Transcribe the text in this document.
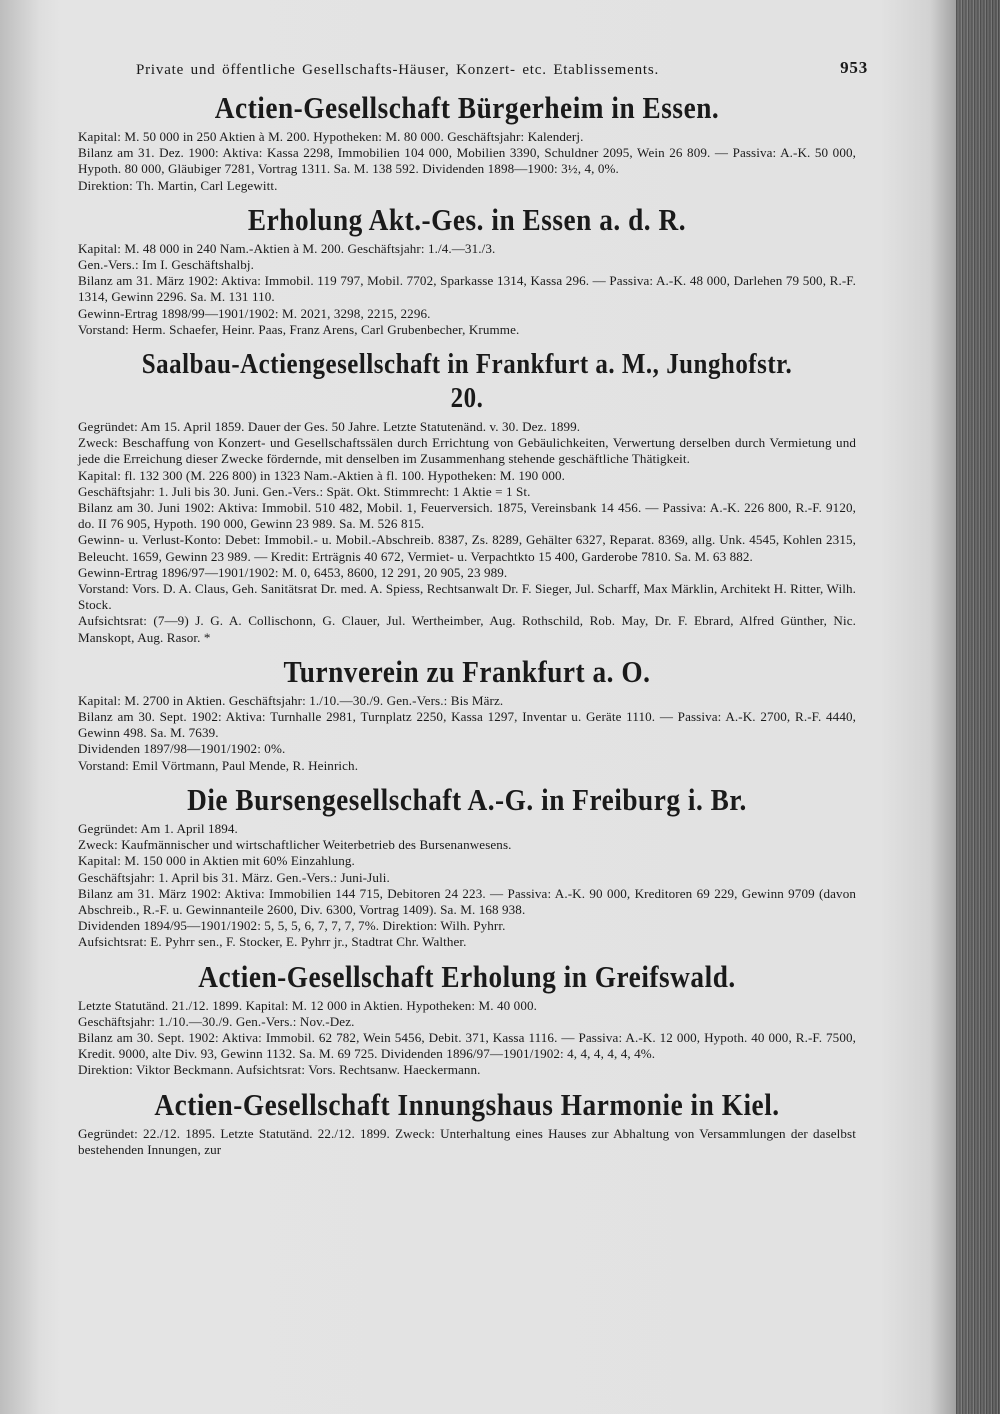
Private und öffentliche Gesellschafts-Häuser, Konzert- etc. Etablissements.	953
Actien-Gesellschaft Bürgerheim in Essen.

Kapital: M. 50 000 in 250 Aktien à M. 200. Hypotheken: M. 80 000. Geschäftsjahr: Kalenderj.

Bilanz am 31. Dez. 1900: Aktiva: Kassa 2298, Immobilien 104 000, Mobilien 3390, Schuldner 2095, Wein 26 809. — Passiva: A.-K. 50 000, Hypoth. 80 000, Gläubiger 7281, Vortrag 1311. Sa. M. 138 592. Dividenden 1898—1900: 3½, 4, 0%.

Direktion: Th. Martin, Carl Legewitt.

Erholung Akt.-Ges. in Essen a. d. R.

Kapital: M. 48 000 in 240 Nam.-Aktien à M. 200. Geschäftsjahr: 1./4.—31./3.

Gen.-Vers.: Im I. Geschäftshalbj.

Bilanz am 31. März 1902: Aktiva: Immobil. 119 797, Mobil. 7702, Sparkasse 1314, Kassa 296. — Passiva: A.-K. 48 000, Darlehen 79 500, R.-F. 1314, Gewinn 2296. Sa. M. 131 110.

Gewinn-Ertrag 1898/99—1901/1902: M. 2021, 3298, 2215, 2296.

Vorstand: Herm. Schaefer, Heinr. Paas, Franz Arens, Carl Grubenbecher, Krumme.

Saalbau-Actiengesellschaft in Frankfurt a. M., Junghofstr. 20.

Gegründet: Am 15. April 1859. Dauer der Ges. 50 Jahre. Letzte Statutenänd. v. 30. Dez. 1899.

Zweck: Beschaffung von Konzert- und Gesellschaftssälen durch Errichtung von Gebäulichkeiten, Verwertung derselben durch Vermietung und jede die Erreichung dieser Zwecke fördernde, mit denselben im Zusammenhang stehende geschäftliche Thätigkeit.

Kapital: fl. 132 300 (M. 226 800) in 1323 Nam.-Aktien à fl. 100. Hypotheken: M. 190 000.

Geschäftsjahr: 1. Juli bis 30. Juni. Gen.-Vers.: Spät. Okt. Stimmrecht: 1 Aktie = 1 St.

Bilanz am 30. Juni 1902: Aktiva: Immobil. 510 482, Mobil. 1, Feuerversich. 1875, Vereinsbank 14 456. — Passiva: A.-K. 226 800, R.-F. 9120, do. II 76 905, Hypoth. 190 000, Gewinn 23 989. Sa. M. 526 815.

Gewinn- u. Verlust-Konto: Debet: Immobil.- u. Mobil.-Abschreib. 8387, Zs. 8289, Gehälter 6327, Reparat. 8369, allg. Unk. 4545, Kohlen 2315, Beleucht. 1659, Gewinn 23 989. — Kredit: Erträgnis 40 672, Vermiet- u. Verpachtkto 15 400, Garderobe 7810. Sa. M. 63 882.

Gewinn-Ertrag 1896/97—1901/1902: M. 0, 6453, 8600, 12 291, 20 905, 23 989.

Vorstand: Vors. D. A. Claus, Geh. Sanitätsrat Dr. med. A. Spiess, Rechtsanwalt Dr. F. Sieger, Jul. Scharff, Max Märklin, Architekt H. Ritter, Wilh. Stock.

Aufsichtsrat: (7—9) J. G. A. Collischonn, G. Clauer, Jul. Wertheimber, Aug. Rothschild, Rob. May, Dr. F. Ebrard, Alfred Günther, Nic. Manskopt, Aug. Rasor. *

Turnverein zu Frankfurt a. O.

Kapital: M. 2700 in Aktien. Geschäftsjahr: 1./10.—30./9. Gen.-Vers.: Bis März.

Bilanz am 30. Sept. 1902: Aktiva: Turnhalle 2981, Turnplatz 2250, Kassa 1297, Inventar u. Geräte 1110. — Passiva: A.-K. 2700, R.-F. 4440, Gewinn 498. Sa. M. 7639.

Dividenden 1897/98—1901/1902: 0%.

Vorstand: Emil Vörtmann, Paul Mende, R. Heinrich.

Die Bursengesellschaft A.-G. in Freiburg i. Br.

Gegründet: Am 1. April 1894.

Zweck: Kaufmännischer und wirtschaftlicher Weiterbetrieb des Bursenanwesens.

Kapital: M. 150 000 in Aktien mit 60% Einzahlung.

Geschäftsjahr: 1. April bis 31. März. Gen.-Vers.: Juni-Juli.

Bilanz am 31. März 1902: Aktiva: Immobilien 144 715, Debitoren 24 223. — Passiva: A.-K. 90 000, Kreditoren 69 229, Gewinn 9709 (davon Abschreib., R.-F. u. Gewinnanteile 2600, Div. 6300, Vortrag 1409). Sa. M. 168 938.

Dividenden 1894/95—1901/1902: 5, 5, 5, 6, 7, 7, 7, 7%. Direktion: Wilh. Pyhrr.

Aufsichtsrat: E. Pyhrr sen., F. Stocker, E. Pyhrr jr., Stadtrat Chr. Walther.

Actien-Gesellschaft Erholung in Greifswald.

Letzte Statutänd. 21./12. 1899. Kapital: M. 12 000 in Aktien. Hypotheken: M. 40 000.

Geschäftsjahr: 1./10.—30./9. Gen.-Vers.: Nov.-Dez.

Bilanz am 30. Sept. 1902: Aktiva: Immobil. 62 782, Wein 5456, Debit. 371, Kassa 1116. — Passiva: A.-K. 12 000, Hypoth. 40 000, R.-F. 7500, Kredit. 9000, alte Div. 93, Gewinn 1132. Sa. M. 69 725. Dividenden 1896/97—1901/1902: 4, 4, 4, 4, 4, 4%.

Direktion: Viktor Beckmann. Aufsichtsrat: Vors. Rechtsanw. Haeckermann.

Actien-Gesellschaft Innungshaus Harmonie in Kiel.

Gegründet: 22./12. 1895. Letzte Statutänd. 22./12. 1899. Zweck: Unterhaltung eines Hauses zur Abhaltung von Versammlungen der daselbst bestehenden Innungen, zur
